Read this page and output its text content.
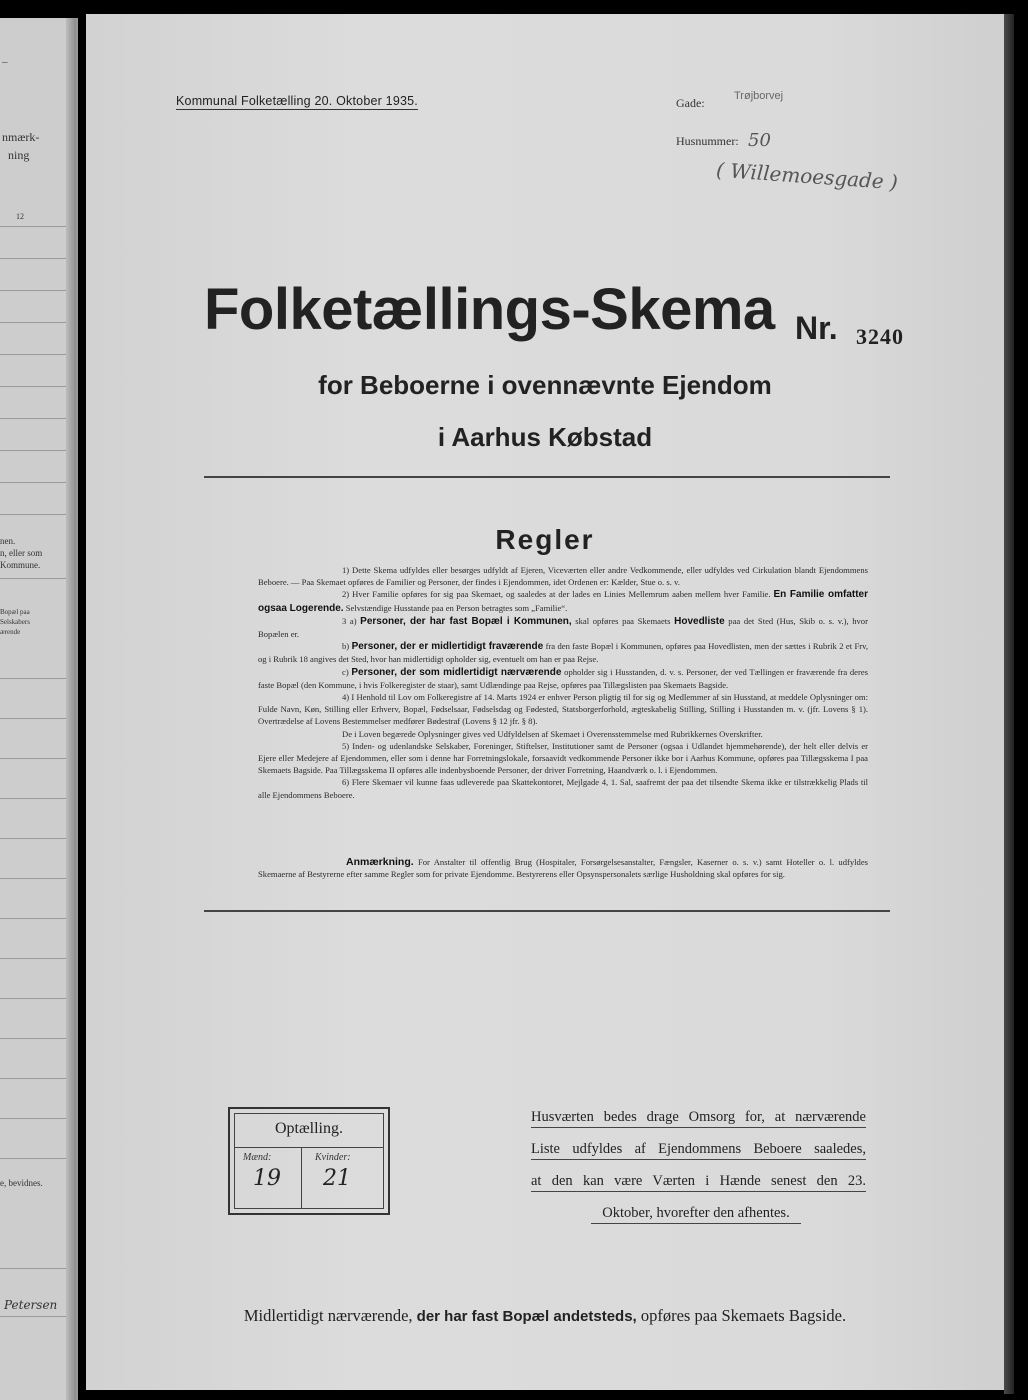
–
nmærk-
ning
12
nen.
n, eller som
Kommune.
Bopæl paa
Selskabers
ærende
e, bevidnes.
Petersen
Kommunal Folketælling 20. Oktober 1935.	Gade:	Trøjborvej
Husnummer: 50
( Willemoesgade )
Folketællings-Skema Nr. 3240
for Beboerne i ovennævnte Ejendom
i Aarhus Købstad
Regler

1) Dette Skema udfyldes eller besørges udfyldt af Ejeren, Viceværten eller andre Vedkommende, eller udfyldes ved Cirkulation blandt Ejendommens Beboere. — Paa Skemaet opføres de Familier og Personer, der findes i Ejendommen, idet Ordenen er: Kælder, Stue o. s. v.

2) Hver Familie opføres for sig paa Skemaet, og saaledes at der lades en Linies Mellemrum aaben mellem hver Familie. En Familie omfatter ogsaa Logerende. Selvstændige Husstande paa en Person betragtes som „Familie“.

3 a) Personer, der har fast Bopæl i Kommunen, skal opføres paa Skemaets Hovedliste paa det Sted (Hus, Skib o. s. v.), hvor Bopælen er.

b) Personer, der er midlertidigt fraværende fra den faste Bopæl i Kommunen, opføres paa Hovedlisten, men der sættes i Rubrik 2 et Frv, og i Rubrik 18 angives det Sted, hvor han midlertidigt opholder sig, eventuelt om han er paa Rejse.

c) Personer, der som midlertidigt nærværende opholder sig i Husstanden, d. v. s. Personer, der ved Tællingen er fraværende fra deres faste Bopæl (den Kommune, i hvis Folkeregister de staar), samt Udlændinge paa Rejse, opføres paa Tillægslisten paa Skemaets Bagside.

4) I Henhold til Lov om Folkeregistre af 14. Marts 1924 er enhver Person pligtig til for sig og Medlemmer af sin Husstand, at meddele Oplysninger om: Fulde Navn, Køn, Stilling eller Erhverv, Bopæl, Fødselsaar, Fødselsdag og Fødested, Statsborgerforhold, ægteskabelig Stilling, Stilling i Husstanden m. v. (jfr. Lovens § 1). Overtrædelse af Lovens Bestemmelser medfører Bødestraf (Lovens § 12 jfr. § 8).

De i Loven begærede Oplysninger gives ved Udfyldelsen af Skemaet i Overensstemmelse med Rubrikkernes Overskrifter.

5) Inden- og udenlandske Selskaber, Foreninger, Stiftelser, Institutioner samt de Personer (ogsaa i Udlandet hjemmehørende), der helt eller delvis er Ejere eller Medejere af Ejendommen, eller som i denne har Forretningslokale, forsaavidt vedkommende Personer ikke bor i Aarhus Kommune, opføres paa Tillægsskema I paa Skemaets Bagside. Paa Tillægsskema II opføres alle indenbysboende Personer, der driver Forretning, Haandværk o. l. i Ejendommen.

6) Flere Skemaer vil kunne faas udleverede paa Skattekontoret, Mejlgade 4, 1. Sal, saafremt der paa det tilsendte Skema ikke er tilstrækkelig Plads til alle Ejendommens Beboere.

Anmærkning. For Anstalter til offentlig Brug (Hospitaler, Forsørgelsesanstalter, Fængsler, Kaserner o. s. v.) samt Hoteller o. l. udfyldes Skemaerne af Bestyrerne efter samme Regler som for private Ejendomme. Bestyrerens eller Opsynspersonalets særlige Husholdning skal opføres for sig.
Optælling.
Mænd:	Kvinder:
19 21
Husværten bedes drage Omsorg for, at nærværende
Liste udfyldes af Ejendommens Beboere saaledes,
at den kan være Værten i Hænde senest den 23.
Oktober, hvorefter den afhentes.
Midlertidigt nærværende, der har fast Bopæl andetsteds, opføres paa Skemaets Bagside.
